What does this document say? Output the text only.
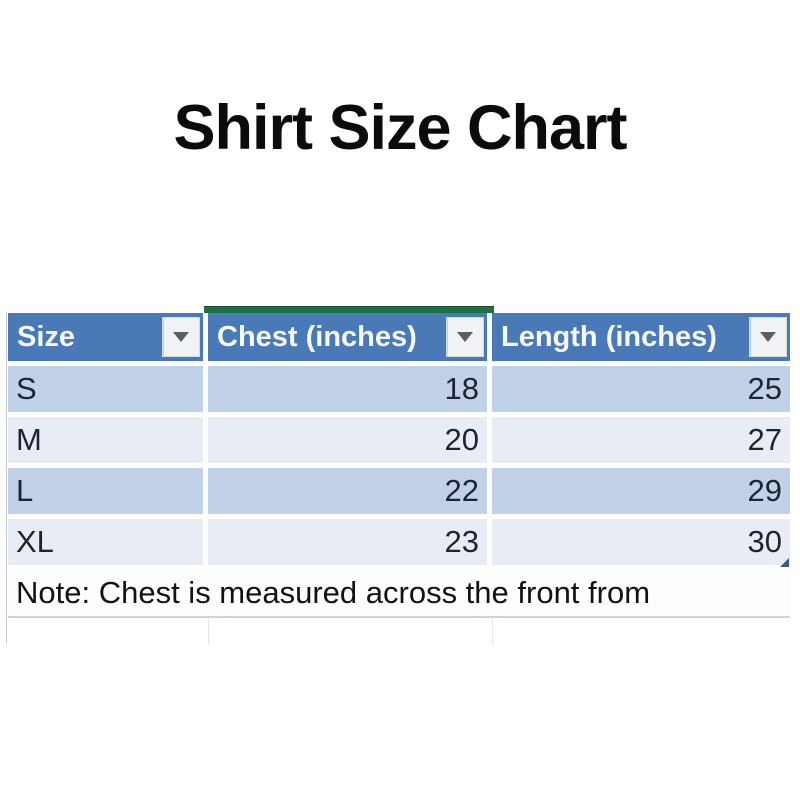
Shirt Size Chart
Size	Chest (inches)	Length (inches)
S	18	25
M	20	27
L	22	29
XL	23	30
Note: Chest is measured across the front from
